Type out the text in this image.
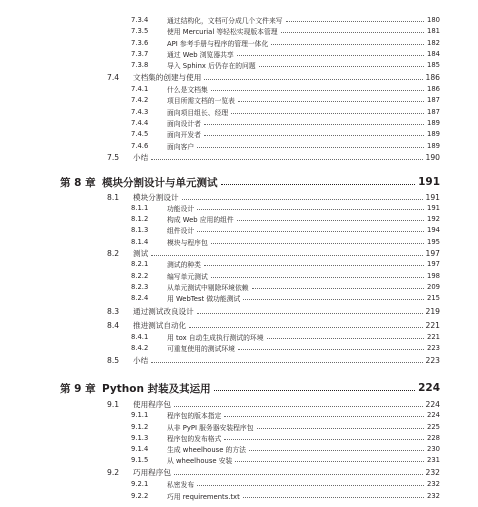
7.3.4	通过结构化，文档可分成几个文件来写	180
7.3.5	使用 Mercurial 等轻松实现版本管理	181
7.3.6	API 参考手册与程序的管理一体化	182
7.3.7	通过 Web 浏览器共享	184
7.3.8	导入 Sphinx 后仍存在的问题	185
7.4	文档集的创建与使用	186
7.4.1	什么是文档集	186
7.4.2	项目所需文档的一览表	187
7.4.3	面向项目组长、经理	187
7.4.4	面向设计者	189
7.4.5	面向开发者	189
7.4.6	面向客户	189
7.5	小结	190
第 8 章 模块分割设计与单元测试	191
8.1	模块分割设计	191
8.1.1	功能设计	191
8.1.2	构成 Web 应用的组件	192
8.1.3	组件设计	194
8.1.4	模块与程序包	195
8.2	测试	197
8.2.1	测试的种类	197
8.2.2	编写单元测试	198
8.2.3	从单元测试中剔除环境依赖	209
8.2.4	用 WebTest 做功能测试	215
8.3	通过测试改良设计	219
8.4	推进测试自动化	221
8.4.1	用 tox 自动生成执行测试的环境	221
8.4.2	可重复使用的测试环境	223
8.5	小结	223
第 9 章 Python 封装及其运用	224
9.1	使用程序包	224
9.1.1	程序包的版本指定	224
9.1.2	从非 PyPI 服务器安装程序包	225
9.1.3	程序包的发布格式	228
9.1.4	生成 wheelhouse 的方法	230
9.1.5	从 wheelhouse 安装	231
9.2	巧用程序包	232
9.2.1	私密发布	232
9.2.2	巧用 requirements.txt	232
